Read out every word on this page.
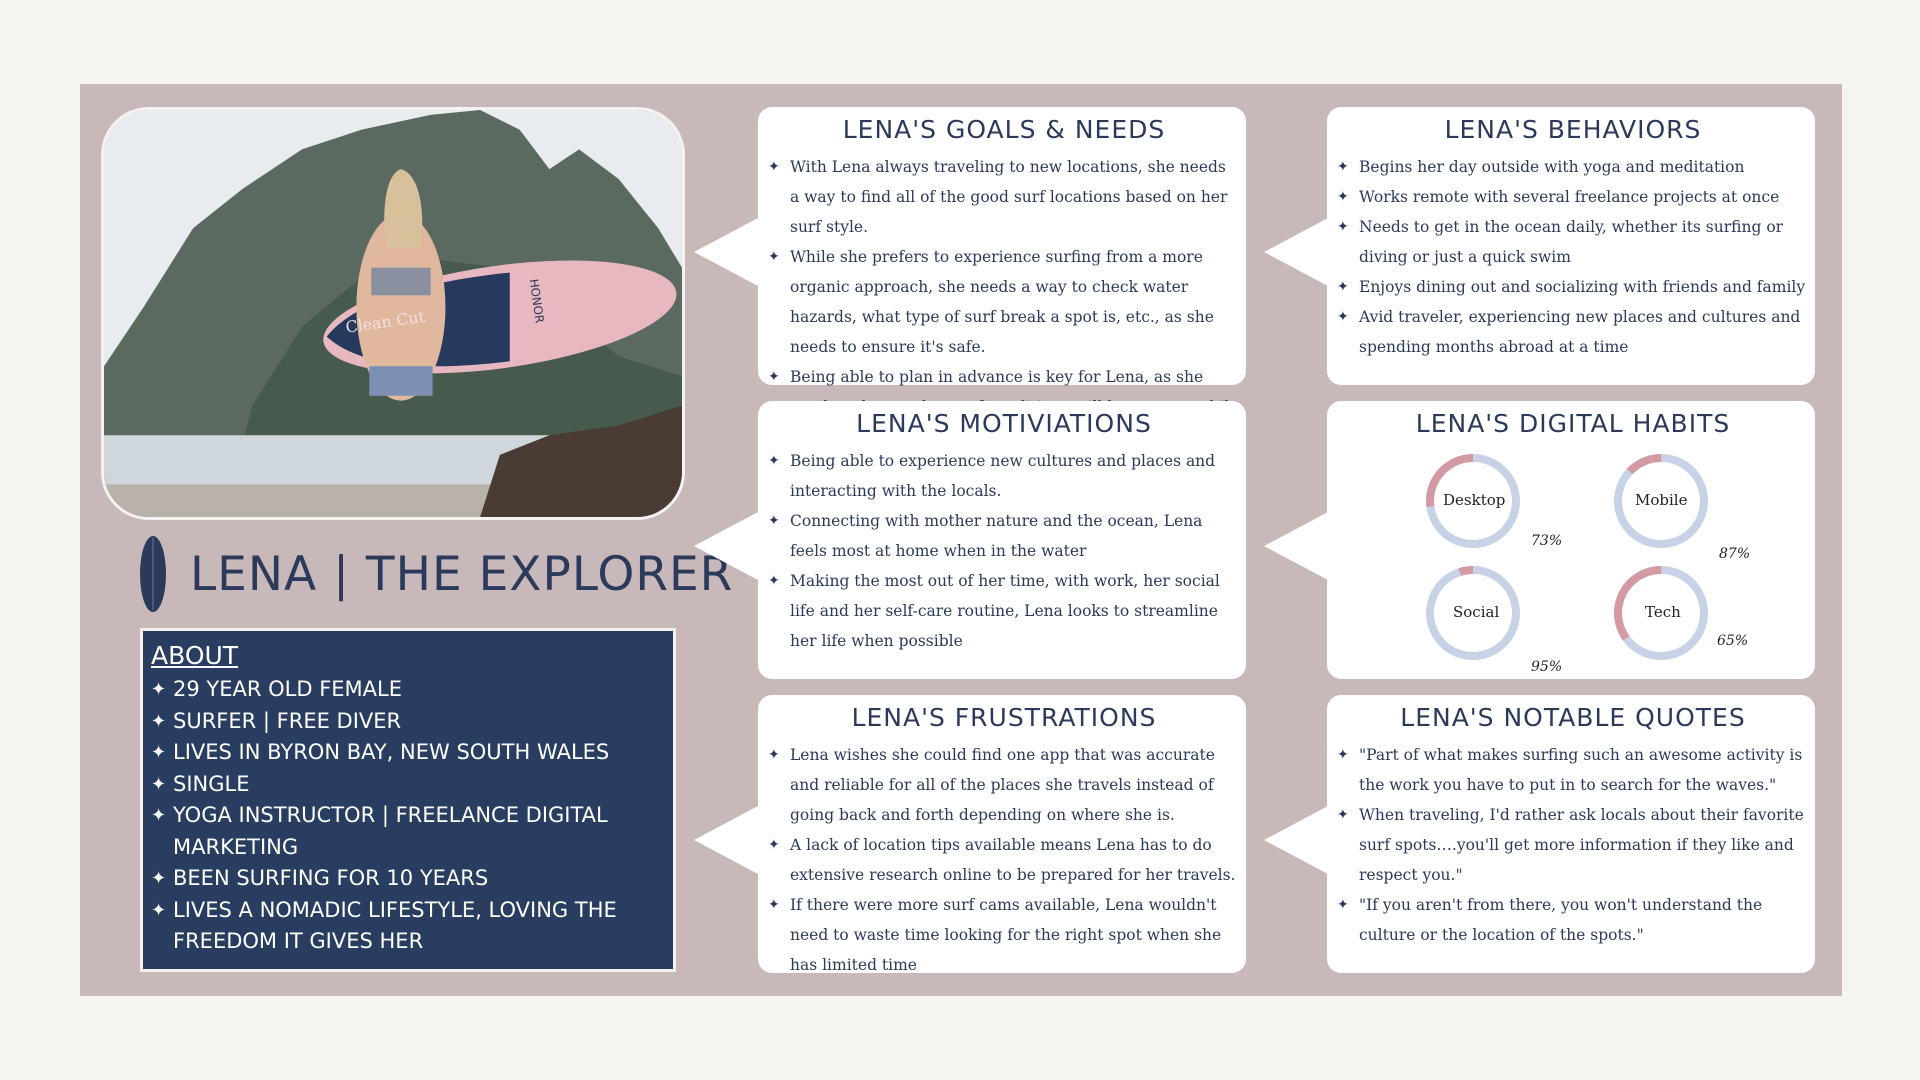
Clean Cut	HONOR
LENA | THE EXPLORER
ABOUT
✦ 29 YEAR OLD FEMALE
✦ SURFER | FREE DIVER
✦ LIVES IN BYRON BAY, NEW SOUTH WALES
✦ SINGLE
✦ YOGA INSTRUCTOR | FREELANCE DIGITAL MARKETING
✦ BEEN SURFING FOR 10 YEARS
✦ LIVES A NOMADIC LIFESTYLE, LOVING THE FREEDOM IT GIVES HER
LENA'S GOALS & NEEDS
✦ With Lena always traveling to new locations, she needs a way to find all of the good surf locations based on her surf style.
✦ While she prefers to experience surfing from a more organic approach, she needs a way to check water hazards, what type of surf break a spot is, etc., as she needs to ensure it's safe.
✦ Being able to plan in advance is key for Lena, as she
LENA'S BEHAVIORS
✦ Begins her day outside with yoga and meditation
✦ Works remote with several freelance projects at once
✦ Needs to get in the ocean daily, whether its surfing or diving or just a quick swim
✦ Enjoys dining out and socializing with friends and family
✦ Avid traveler, experiencing new places and cultures and spending months abroad at a time
LENA'S MOTIVIATIONS
✦ Being able to experience new cultures and places and interacting with the locals.
✦ Connecting with mother nature and the ocean, Lena feels most at home when in the water
✦ Making the most out of her time, with work, her social life and her self-care routine, Lena looks to streamline her life when possible
LENA'S DIGITAL HABITS
Desktop
73%
Mobile
87%
Social
95%
Tech
65%
LENA'S FRUSTRATIONS
✦ Lena wishes she could find one app that was accurate and reliable for all of the places she travels instead of going back and forth depending on where she is.
✦ A lack of location tips available means Lena has to do extensive research online to be prepared for her travels.
✦ If there were more surf cams available, Lena wouldn't need to waste time looking for the right spot when she has limited time
LENA'S NOTABLE QUOTES
✦ "Part of what makes surfing such an awesome activity is the work you have to put in to search for the waves."
✦ When traveling, I'd rather ask locals about their favorite surf spots….you'll get more information if they like and respect you."
✦ "If you aren't from there, you won't understand the culture or the location of the spots."
